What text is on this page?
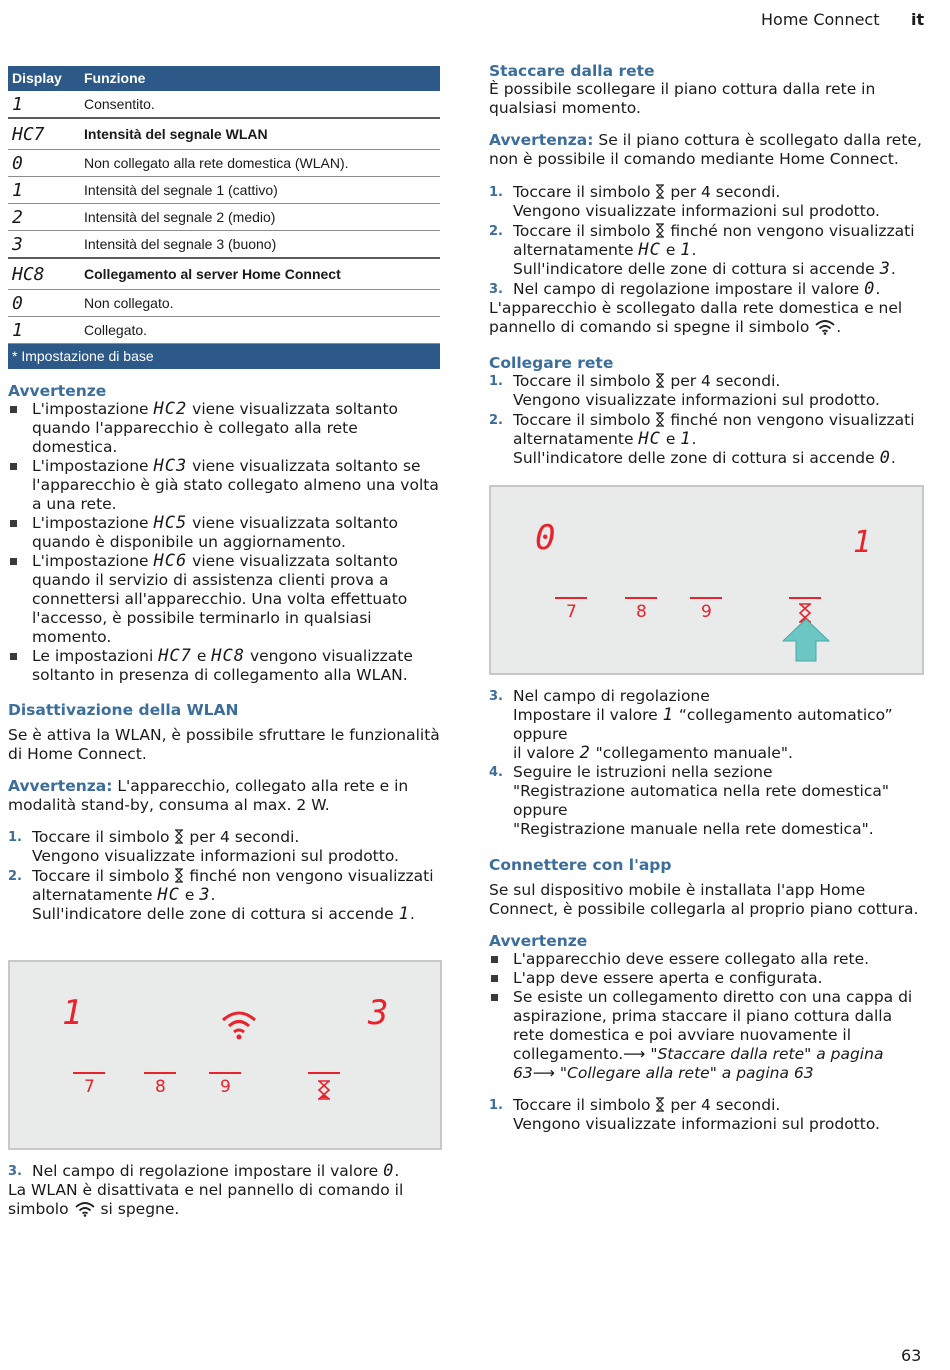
Home Connect it
Display	Funzione
1	Consentito.
HC7	Intensità del segnale WLAN
0	Non collegato alla rete domestica (WLAN).
1	Intensità del segnale 1 (cattivo)
2	Intensità del segnale 2 (medio)
3	Intensità del segnale 3 (buono)
HC8	Collegamento al server Home Connect
0	Non collegato.
1	Collegato.
* Impostazione di base	
Avvertenze
L'impostazione HC2 viene visualizzata soltanto quando l'apparecchio è collegato alla rete domestica.
L'impostazione HC3 viene visualizzata soltanto se l'apparecchio è già stato collegato almeno una volta a una rete.
L'impostazione HC5 viene visualizzata soltanto quando è disponibile un aggiornamento.
L'impostazione HC6 viene visualizzata soltanto quando il servizio di assistenza clienti prova a connettersi all'apparecchio. Una volta effettuato l'accesso, è possibile terminarlo in qualsiasi momento.
Le impostazioni HC7 e HC8 vengono visualizzate soltanto in presenza di collegamento alla WLAN.
Disattivazione della WLAN

Se è attiva la WLAN, è possibile sfruttare le funzionalità di Home Connect.

Avvertenza: L'apparecchio, collegato alla rete e in modalità stand-by, consuma al max. 2 W.

1. Toccare il simbolo  per 4 secondi.
Vengono visualizzate informazioni sul prodotto.
2. Toccare il simbolo  finché non vengono visualizzati alternatamente HC e 3.
Sull'indicatore delle zone di cottura si accende 1.
1	3
7	8	9
3. Nel campo di regolazione impostare il valore 0.

La WLAN è disattivata e nel pannello di comando il simbolo  si spegne.

Staccare dalla rete

È possibile scollegare il piano cottura dalla rete in qualsiasi momento.

Avvertenza: Se il piano cottura è scollegato dalla rete, non è possibile il comando mediante Home Connect.

1. Toccare il simbolo  per 4 secondi.
Vengono visualizzate informazioni sul prodotto.
2. Toccare il simbolo  finché non vengono visualizzati alternatamente HC e 1.
Sull'indicatore delle zone di cottura si accende 3.
3. Nel campo di regolazione impostare il valore 0.

L'apparecchio è scollegato dalla rete domestica e nel pannello di comando si spegne il simbolo .

Collegare rete
1. Toccare il simbolo  per 4 secondi.
Vengono visualizzate informazioni sul prodotto.
2. Toccare il simbolo  finché non vengono visualizzati alternatamente HC e 1.
Sull'indicatore delle zone di cottura si accende 0.
0	1
7	8	9
3. Nel campo di regolazione
Impostare il valore 1 “collegamento automatico”
oppure
il valore 2 "collegamento manuale".
4. Seguire le istruzioni nella sezione
"Registrazione automatica nella rete domestica"
oppure
"Registrazione manuale nella rete domestica".
Connettere con l'app

Se sul dispositivo mobile è installata l'app Home Connect, è possibile collegarla al proprio piano cottura.

Avvertenze
L'apparecchio deve essere collegato alla rete.
L'app deve essere aperta e configurata.
Se esiste un collegamento diretto con una cappa di aspirazione, prima staccare il piano cottura dalla rete domestica e poi avviare nuovamente il collegamento.⟶ "Staccare dalla rete" a pagina 63⟶ "Collegare alla rete" a pagina 63
1. Toccare il simbolo  per 4 secondi.
Vengono visualizzate informazioni sul prodotto.
63
